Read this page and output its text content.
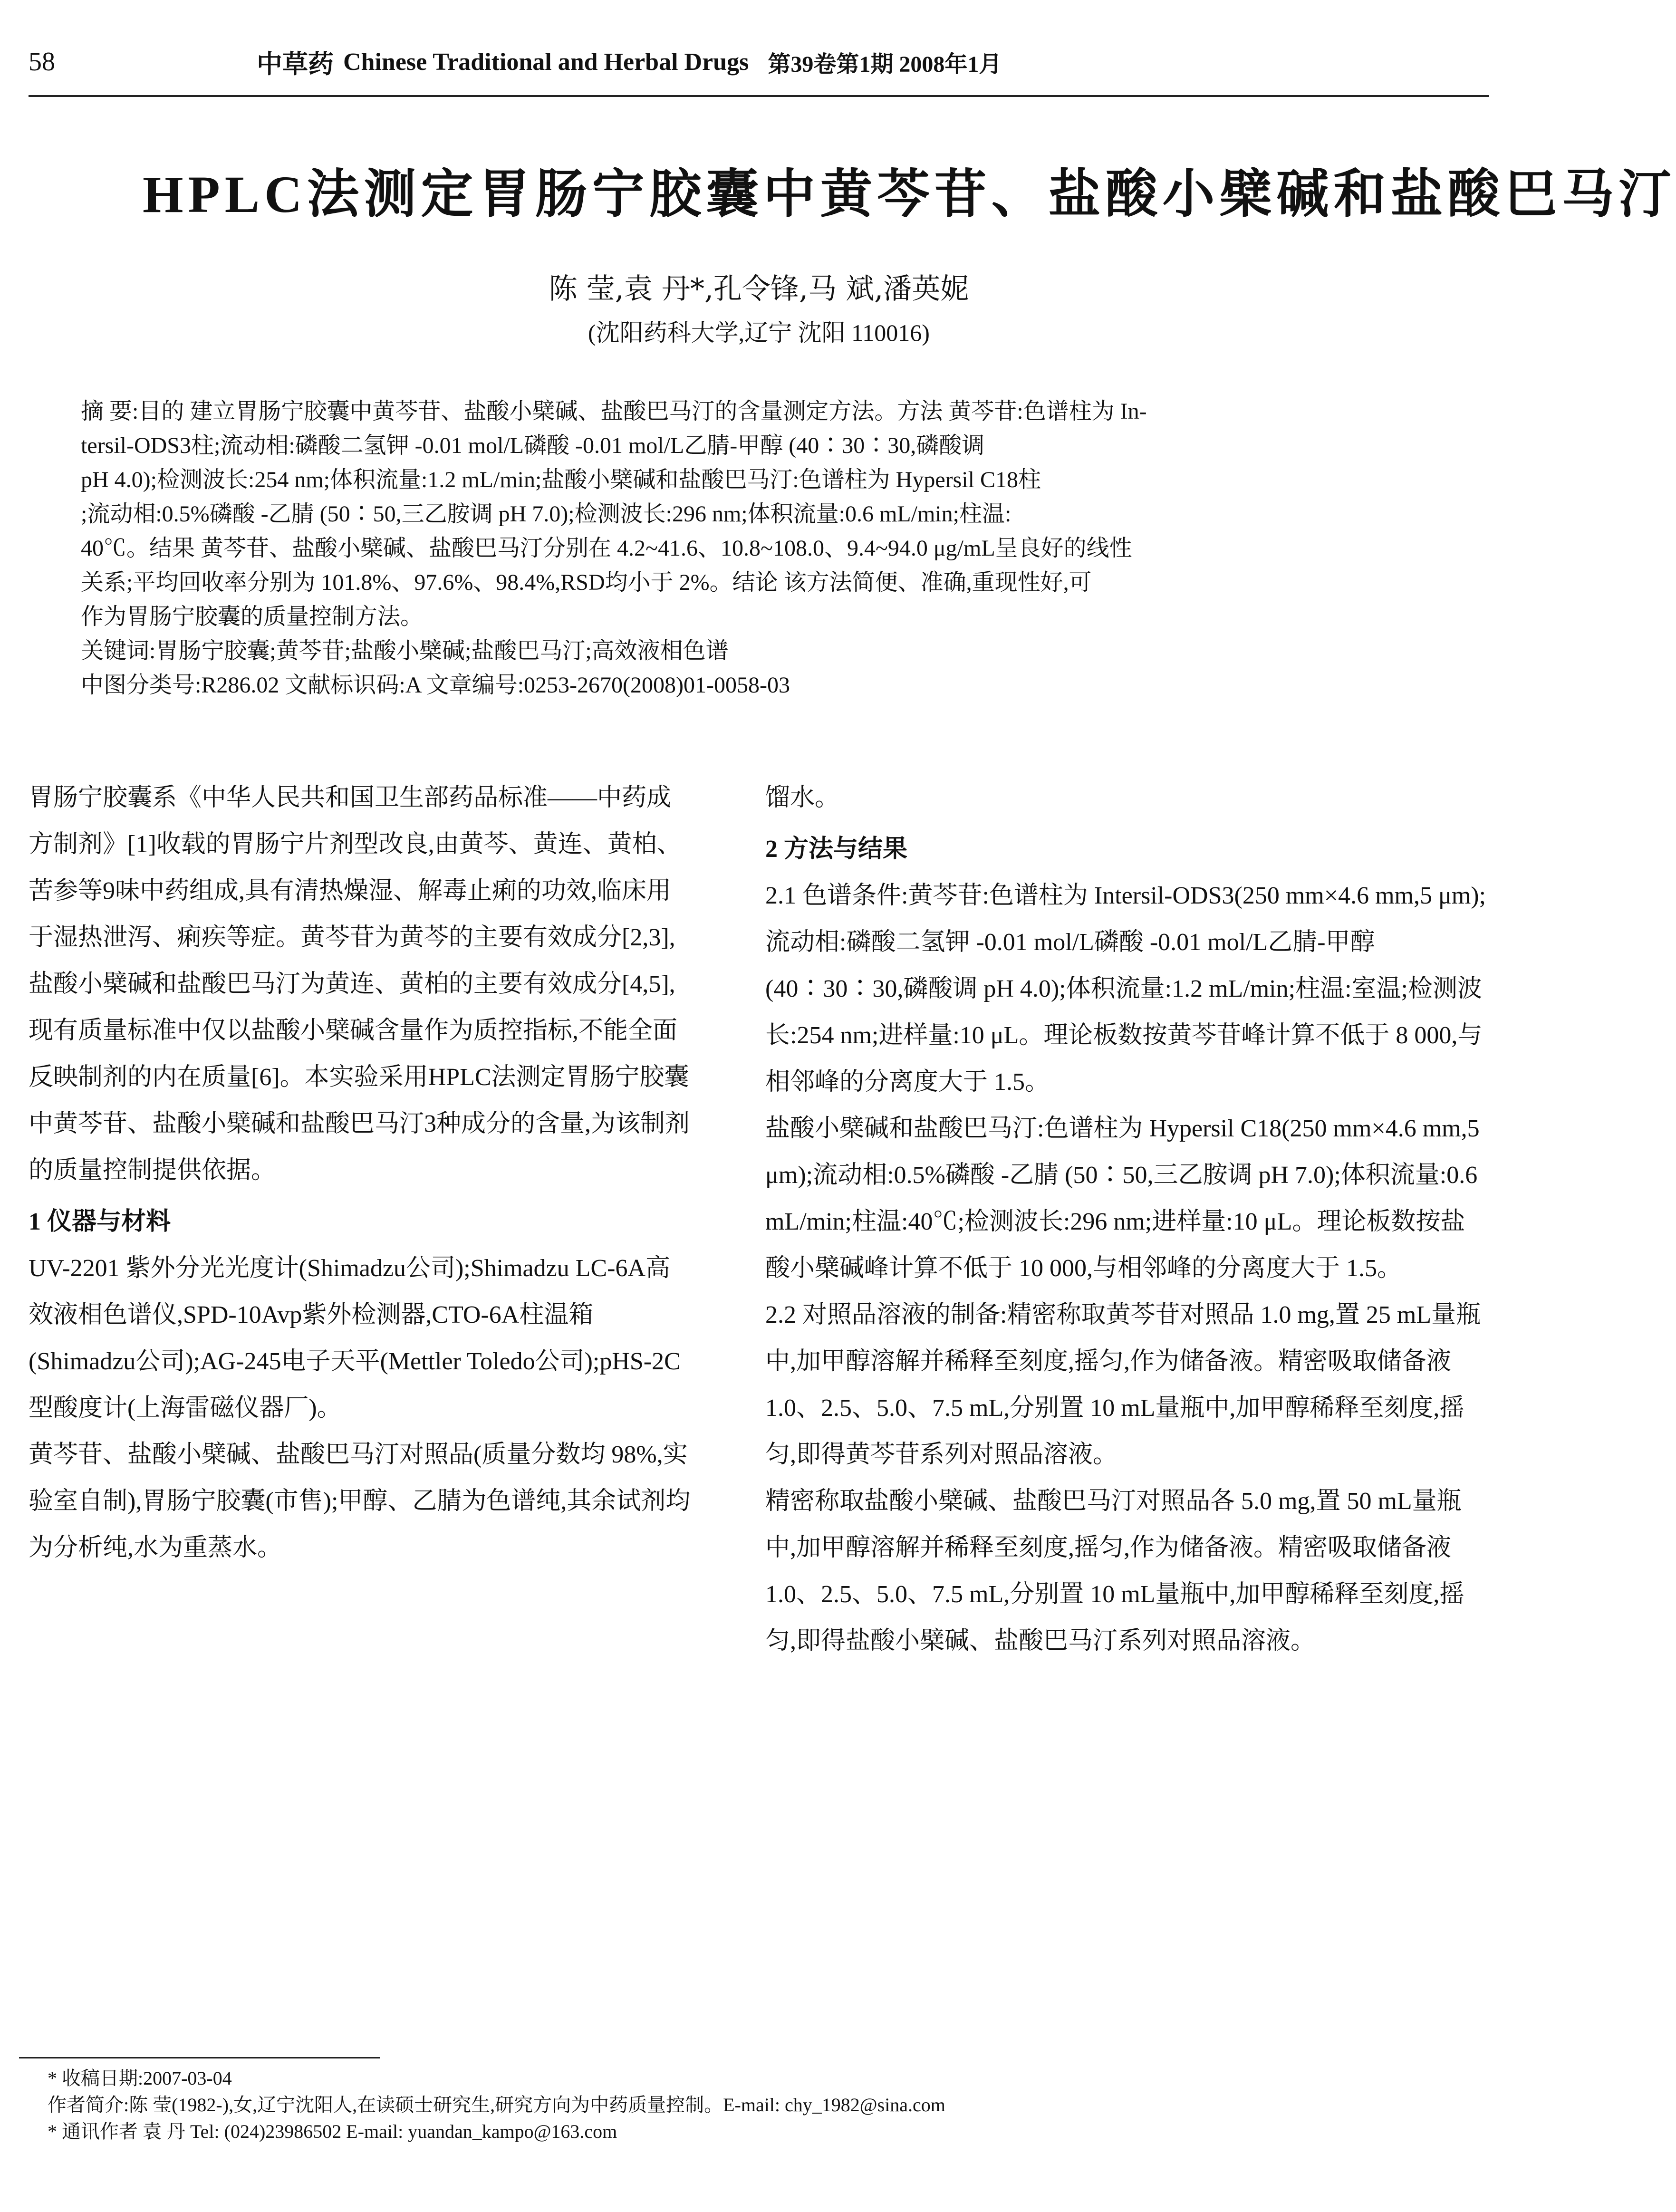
58	中草药 Chinese Traditional and Herbal Drugs 第39卷第1期 2008年1月
HPLC法测定胃肠宁胶囊中黄芩苷、盐酸小檗碱和盐酸巴马汀
陈 莹,袁 丹*,孔令锋,马 斌,潘英妮
(沈阳药科大学,辽宁 沈阳 110016)

摘 要:目的 建立胃肠宁胶囊中黄芩苷、盐酸小檗碱、盐酸巴马汀的含量测定方法。方法 黄芩苷:色谱柱为 In-

tersil-ODS3柱;流动相:磷酸二氢钾 -0.01 mol/L磷酸 -0.01 mol/L乙腈-甲醇 (40∶30∶30,磷酸调

pH 4.0);检测波长:254 nm;体积流量:1.2 mL/min;盐酸小檗碱和盐酸巴马汀:色谱柱为 Hypersil C18柱

;流动相:0.5%磷酸 -乙腈 (50∶50,三乙胺调 pH 7.0);检测波长:296 nm;体积流量:0.6 mL/min;柱温:

40℃。结果 黄芩苷、盐酸小檗碱、盐酸巴马汀分别在 4.2~41.6、10.8~108.0、9.4~94.0 μg/mL呈良好的线性

关系;平均回收率分别为 101.8%、97.6%、98.4%,RSD均小于 2%。结论 该方法简便、准确,重现性好,可

作为胃肠宁胶囊的质量控制方法。

关键词:胃肠宁胶囊;黄芩苷;盐酸小檗碱;盐酸巴马汀;高效液相色谱

中图分类号:R286.02 文献标识码:A 文章编号:0253-2670(2008)01-0058-03

胃肠宁胶囊系《中华人民共和国卫生部药品标准——中药成方制剂》[1]收载的胃肠宁片剂型改良,由黄芩、黄连、黄柏、苦参等9味中药组成,具有清热燥湿、解毒止痢的功效,临床用于湿热泄泻、痢疾等症。黄芩苷为黄芩的主要有效成分[2,3],盐酸小檗碱和盐酸巴马汀为黄连、黄柏的主要有效成分[4,5],现有质量标准中仅以盐酸小檗碱含量作为质控指标,不能全面反映制剂的内在质量[6]。本实验采用HPLC法测定胃肠宁胶囊中黄芩苷、盐酸小檗碱和盐酸巴马汀3种成分的含量,为该制剂的质量控制提供依据。

1 仪器与材料

UV-2201 紫外分光光度计(Shimadzu公司);Shimadzu LC-6A高效液相色谱仪,SPD-10Avp紫外检测器,CTO-6A柱温箱(Shimadzu公司);AG-245电子天平(Mettler Toledo公司);pHS-2C型酸度计(上海雷磁仪器厂)。

黄芩苷、盐酸小檗碱、盐酸巴马汀对照品(质量分数均 98%,实验室自制),胃肠宁胶囊(市售);甲醇、乙腈为色谱纯,其余试剂均为分析纯,水为重蒸水。

馏水。

2 方法与结果

2.1 色谱条件:黄芩苷:色谱柱为 Intersil-ODS3(250 mm×4.6 mm,5 μm);流动相:磷酸二氢钾 -0.01 mol/L磷酸 -0.01 mol/L乙腈-甲醇 (40∶30∶30,磷酸调 pH 4.0);体积流量:1.2 mL/min;柱温:室温;检测波长:254 nm;进样量:10 μL。理论板数按黄芩苷峰计算不低于 8 000,与相邻峰的分离度大于 1.5。

盐酸小檗碱和盐酸巴马汀:色谱柱为 Hypersil C18(250 mm×4.6 mm,5 μm);流动相:0.5%磷酸 -乙腈 (50∶50,三乙胺调 pH 7.0);体积流量:0.6 mL/min;柱温:40℃;检测波长:296 nm;进样量:10 μL。理论板数按盐酸小檗碱峰计算不低于 10 000,与相邻峰的分离度大于 1.5。

2.2 对照品溶液的制备:精密称取黄芩苷对照品 1.0 mg,置 25 mL量瓶中,加甲醇溶解并稀释至刻度,摇匀,作为储备液。精密吸取储备液 1.0、2.5、5.0、7.5 mL,分别置 10 mL量瓶中,加甲醇稀释至刻度,摇匀,即得黄芩苷系列对照品溶液。

精密称取盐酸小檗碱、盐酸巴马汀对照品各 5.0 mg,置 50 mL量瓶中,加甲醇溶解并稀释至刻度,摇匀,作为储备液。精密吸取储备液 1.0、2.5、5.0、7.5 mL,分别置 10 mL量瓶中,加甲醇稀释至刻度,摇匀,即得盐酸小檗碱、盐酸巴马汀系列对照品溶液。

* 收稿日期:2007-03-04

作者简介:陈 莹(1982-),女,辽宁沈阳人,在读硕士研究生,研究方向为中药质量控制。E-mail: chy_1982@sina.com

* 通讯作者 袁 丹 Tel: (024)23986502 E-mail: yuandan_kampo@163.com
